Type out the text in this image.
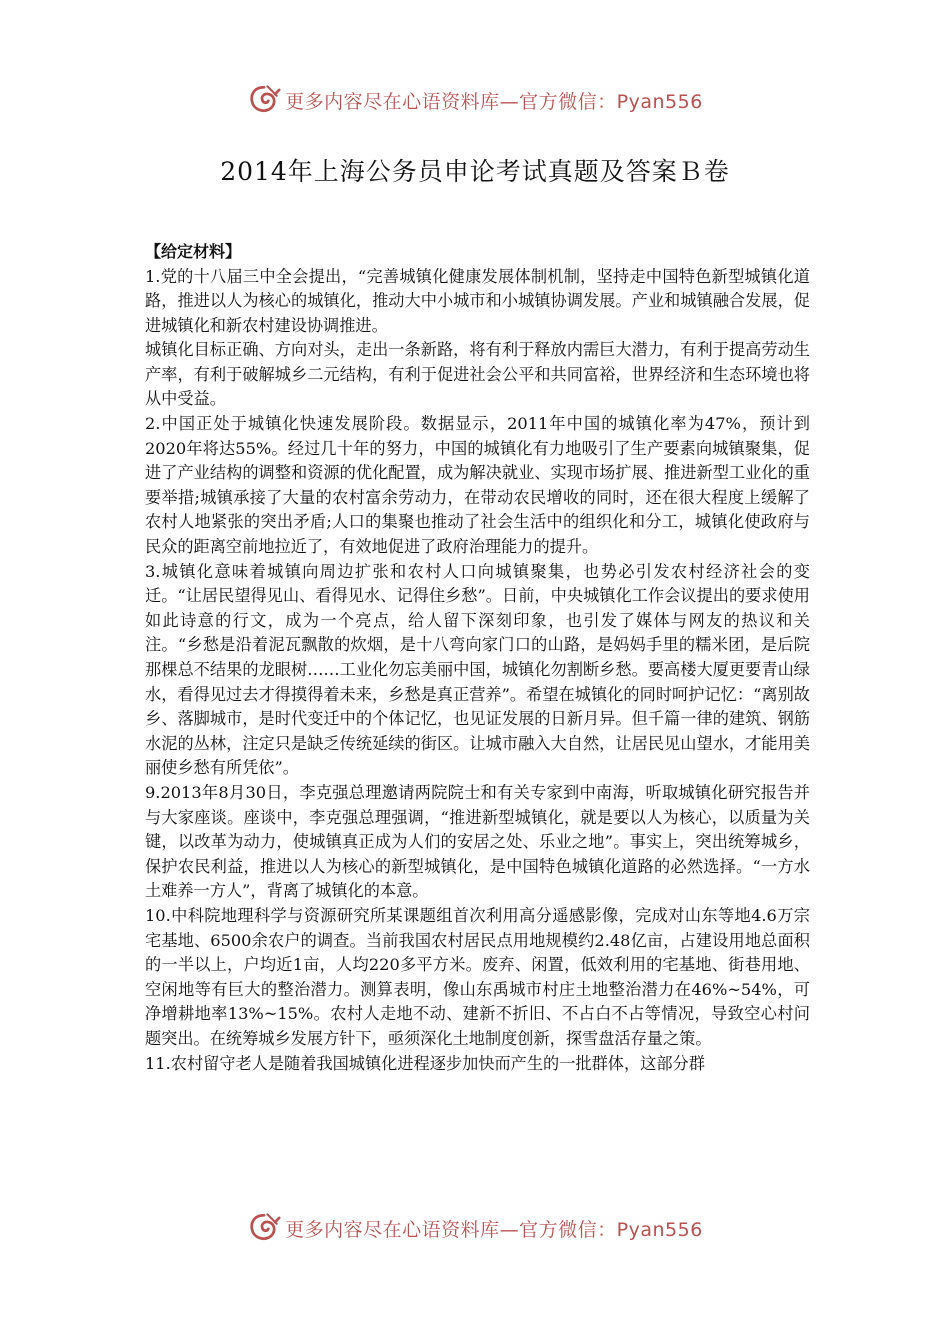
更多内容尽在心语资料库—官方微信：Pyan556
2014年上海公务员申论考试真题及答案Ｂ卷
【给定材料】

1.党的十八届三中全会提出，“完善城镇化健康发展体制机制，坚持走中国特色新型城镇化道路，推进以人为核心的城镇化，推动大中小城市和小城镇协调发展。产业和城镇融合发展，促进城镇化和新农村建设协调推进。

城镇化目标正确、方向对头，走出一条新路，将有利于释放内需巨大潜力，有利于提高劳动生产率，有利于破解城乡二元结构，有利于促进社会公平和共同富裕，世界经济和生态环境也将从中受益。

2.中国正处于城镇化快速发展阶段。数据显示，2011年中国的城镇化率为47%，预计到2020年将达55%。经过几十年的努力，中国的城镇化有力地吸引了生产要素向城镇聚集，促进了产业结构的调整和资源的优化配置，成为解决就业、实现市场扩展、推进新型工业化的重要举措;城镇承接了大量的农村富余劳动力，在带动农民增收的同时，还在很大程度上缓解了农村人地紧张的突出矛盾;人口的集聚也推动了社会生活中的组织化和分工，城镇化使政府与民众的距离空前地拉近了，有效地促进了政府治理能力的提升。

3.城镇化意味着城镇向周边扩张和农村人口向城镇聚集，也势必引发农村经济社会的变迁。“让居民望得见山、看得见水、记得住乡愁”。日前，中央城镇化工作会议提出的要求使用如此诗意的行文，成为一个亮点，给人留下深刻印象，也引发了媒体与网友的热议和关注。“乡愁是沿着泥瓦飘散的炊烟，是十八弯向家门口的山路，是妈妈手里的糯米团，是后院那棵总不结果的龙眼树……工业化勿忘美丽中国，城镇化勿割断乡愁。要高楼大厦更要青山绿水，看得见过去才得摸得着未来，乡愁是真正营养”。希望在城镇化的同时呵护记忆：“离别故乡、落脚城市，是时代变迁中的个体记忆，也见证发展的日新月异。但千篇一律的建筑、钢筋水泥的丛林，注定只是缺乏传统延续的街区。让城市融入大自然，让居民见山望水，才能用美丽使乡愁有所凭依”。

9.2013年8月30日，李克强总理邀请两院院士和有关专家到中南海，听取城镇化研究报告并与大家座谈。座谈中，李克强总理强调，“推进新型城镇化，就是要以人为核心，以质量为关键，以改革为动力，使城镇真正成为人们的安居之处、乐业之地”。事实上，突出统筹城乡，保护农民利益，推进以人为核心的新型城镇化，是中国特色城镇化道路的必然选择。“一方水土难养一方人”，背离了城镇化的本意。

10.中科院地理科学与资源研究所某课题组首次利用高分遥感影像，完成对山东等地4.6万宗宅基地、6500余农户的调查。当前我国农村居民点用地规模约2.48亿亩，占建设用地总面积的一半以上，户均近1亩，人均220多平方米。废弃、闲置，低效利用的宅基地、街巷用地、空闲地等有巨大的整治潜力。测算表明，像山东禹城市村庄土地整治潜力在46%~54%，可净增耕地率13%~15%。农村人走地不动、建新不折旧、不占白不占等情况，导致空心村问题突出。在统筹城乡发展方针下，亟须深化土地制度创新，探雪盘活存量之策。

11.农村留守老人是随着我国城镇化进程逐步加快而产生的一批群体，这部分群

更多内容尽在心语资料库—官方微信：Pyan556
